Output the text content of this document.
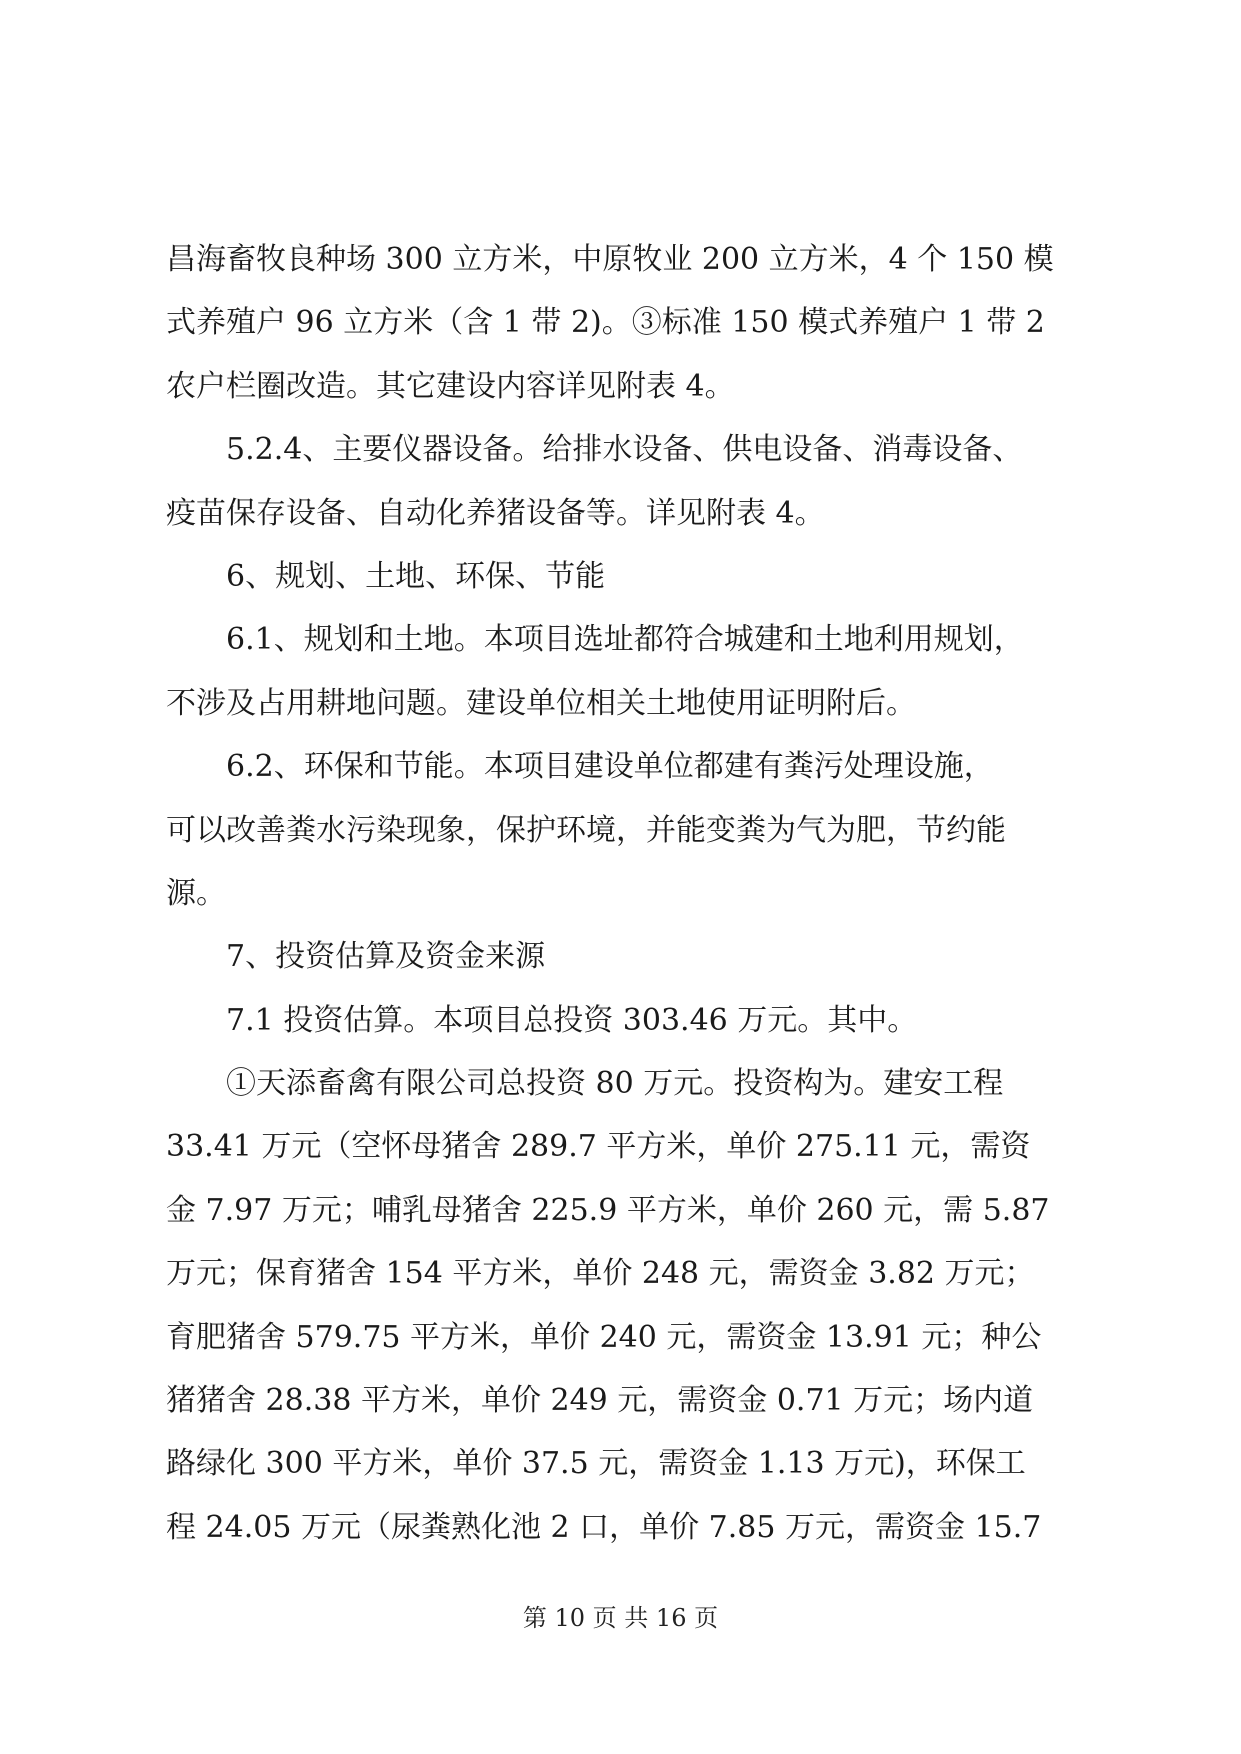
昌海畜牧良种场 300 立方米，中原牧业 200 立方米，4 个 150 模
式养殖户 96 立方米（含 1 带 2)。③标准 150 模式养殖户 1 带 2
农户栏圈改造。其它建设内容详见附表 4。
　　5.2.4、主要仪器设备。给排水设备、供电设备、消毒设备、
疫苗保存设备、自动化养猪设备等。详见附表 4。
　　6、规划、土地、环保、节能
　　6.1、规划和土地。本项目选址都符合城建和土地利用规划，
不涉及占用耕地问题。建设单位相关土地使用证明附后。
　　6.2、环保和节能。本项目建设单位都建有粪污处理设施，
可以改善粪水污染现象，保护环境，并能变粪为气为肥，节约能
源。
　　7、投资估算及资金来源
　　7.1 投资估算。本项目总投资 303.46 万元。其中。
　　①天添畜禽有限公司总投资 80 万元。投资构为。建安工程
33.41 万元（空怀母猪舍 289.7 平方米，单价 275.11 元，需资
金 7.97 万元；哺乳母猪舍 225.9 平方米，单价 260 元，需 5.87
万元；保育猪舍 154 平方米，单价 248 元，需资金 3.82 万元；
育肥猪舍 579.75 平方米，单价 240 元，需资金 13.91 元；种公
猪猪舍 28.38 平方米，单价 249 元，需资金 0.71 万元；场内道
路绿化 300 平方米，单价 37.5 元，需资金 1.13 万元)，环保工
程 24.05 万元（尿粪熟化池 2 口，单价 7.85 万元，需资金 15.7
第 10 页 共 16 页
